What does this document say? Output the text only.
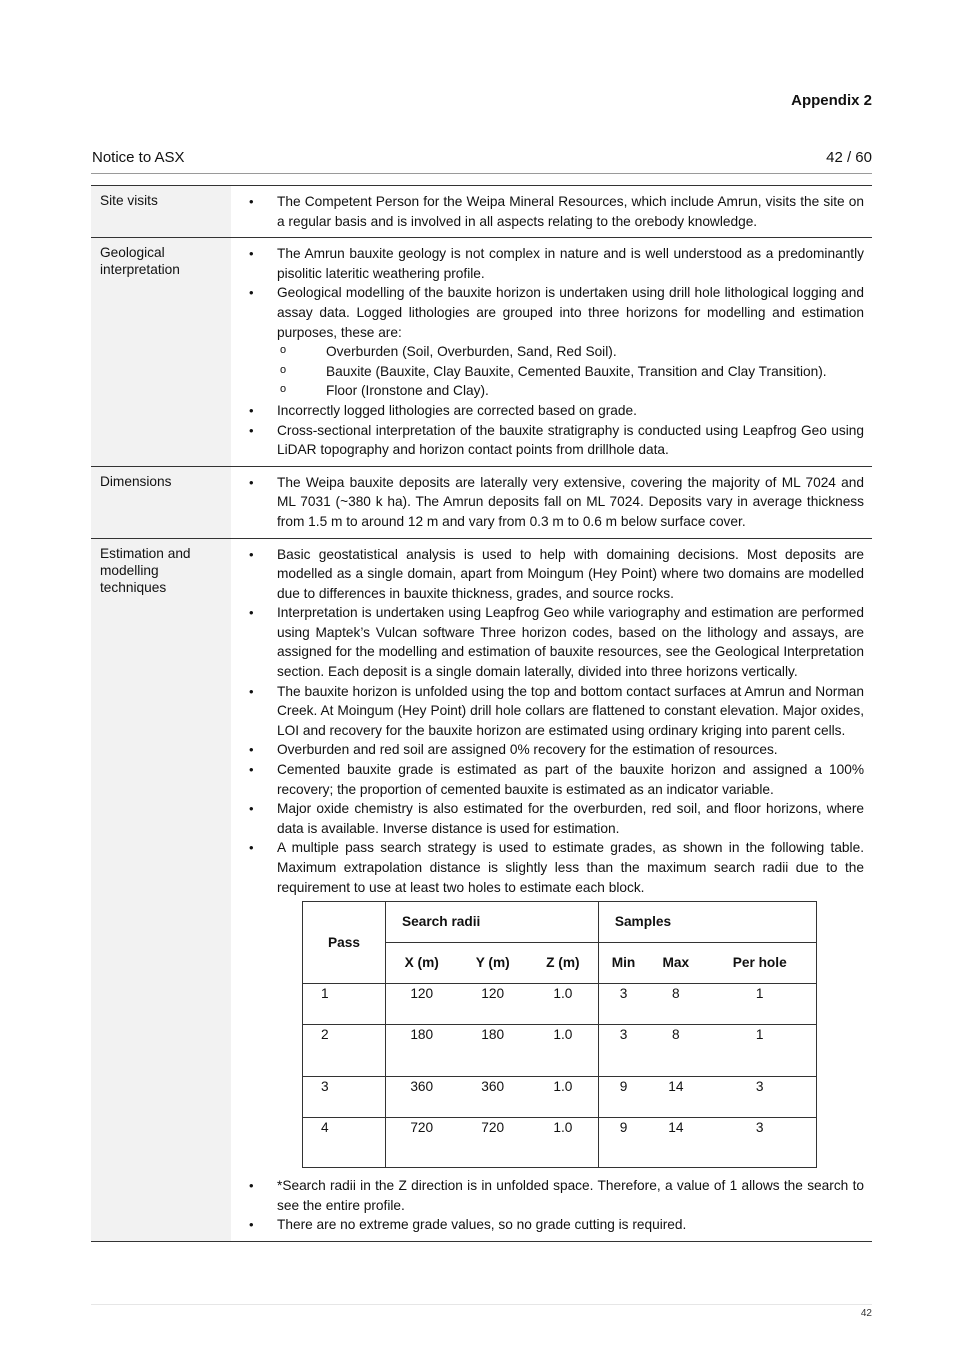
Appendix 2
Notice to ASX	42 / 60
Site visits	
•The Competent Person for the Weipa Mineral Resources, which include Amrun, visits the site on a regular basis and is involved in all aspects relating to the orebody knowledge.

Geological interpretation	
• The Amrun bauxite geology is not complex in nature and is well understood as a predominantly pisolitic lateritic weathering profile.
• Geological modelling of the bauxite horizon is undertaken using drill hole lithological logging and assay data. Logged lithologies are grouped into three horizons for modelling and estimation purposes, these are:
o Overburden (Soil, Overburden, Sand, Red Soil).
o Bauxite (Bauxite, Clay Bauxite, Cemented Bauxite, Transition and Clay Transition).
o Floor (Ironstone and Clay).
• Incorrectly logged lithologies are corrected based on grade.
• Cross-sectional interpretation of the bauxite stratigraphy is conducted using Leapfrog Geo using LiDAR topography and horizon contact points from drillhole data.

Dimensions	
•The Weipa bauxite deposits are laterally very extensive, covering the majority of ML 7024 and ML 7031 (~380 k ha). The Amrun deposits fall on ML 7024. Deposits vary in average thickness from 1.5 m to around 12 m and vary from 0.3 m to 0.6 m below surface cover.

Estimation and modelling techniques	
• Basic geostatistical analysis is used to help with domaining decisions. Most deposits are modelled as a single domain, apart from Moingum (Hey Point) where two domains are modelled due to differences in bauxite thickness, grades, and source rocks.
• Interpretation is undertaken using Leapfrog Geo while variography and estimation are performed using Maptek’s Vulcan software Three horizon codes, based on the lithology and assays, are assigned for the modelling and estimation of bauxite resources, see the Geological Interpretation section. Each deposit is a single domain laterally, divided into three horizons vertically.
• The bauxite horizon is unfolded using the top and bottom contact surfaces at Amrun and Norman Creek. At Moingum (Hey Point) drill hole collars are flattened to constant elevation. Major oxides, LOI and recovery for the bauxite horizon are estimated using ordinary kriging into parent cells.
• Overburden and red soil are assigned 0% recovery for the estimation of resources.
• Cemented bauxite grade is estimated as part of the bauxite horizon and assigned a 100% recovery; the proportion of cemented bauxite is estimated as an indicator variable.
• Major oxide chemistry is also estimated for the overburden, red soil, and floor horizons, where data is available. Inverse distance is used for estimation.
• A multiple pass search strategy is used to estimate grades, as shown in the following table. Maximum extrapolation distance is slightly less than the maximum search radii due to the requirement to use at least two holes to estimate each block.
Pass	Search radii	Samples
X (m)	Y (m)	Z (m)	Min	Max	Per hole
1	120	120	1.0	3	8	1
2	180	180	1.0	3	8	1
3	360	360	1.0	9	14	3
4	720	720	1.0	9	14	3
• *Search radii in the Z direction is in unfolded space. Therefore, a value of 1 allows the search to see the entire profile.
• There are no extreme grade values, so no grade cutting is required.
42
